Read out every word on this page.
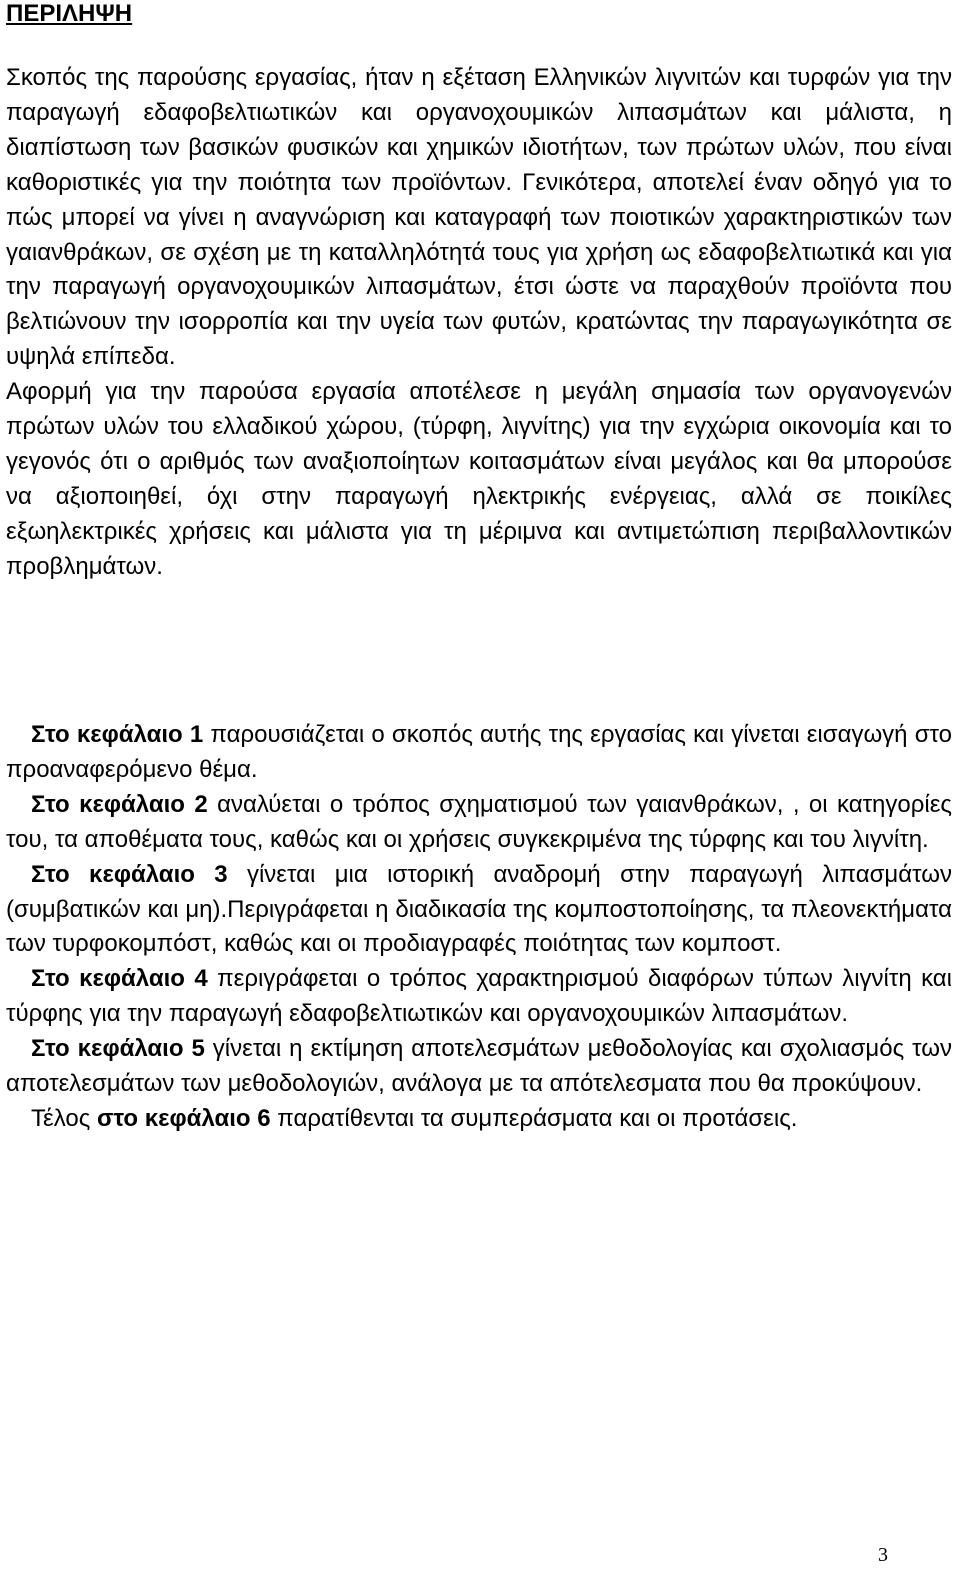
ΠΕΡΙΛΗΨΗ

Σκοπός της παρούσης εργασίας, ήταν η εξέταση Ελληνικών λιγνιτών και τυρφών για την παραγωγή εδαφοβελτιωτικών και οργανοχουμικών λιπασμάτων και μάλιστα, η διαπίστωση των βασικών φυσικών και χημικών ιδιοτήτων, των πρώτων υλών, που είναι καθοριστικές για την ποιότητα των προϊόντων. Γενικότερα, αποτελεί έναν οδηγό για το πώς μπορεί να γίνει η αναγνώριση και καταγραφή των ποιοτικών χαρακτηριστικών των γαιανθράκων, σε σχέση με τη καταλληλότητά τους για χρήση ως εδαφοβελτιωτικά και για την παραγωγή οργανοχουμικών λιπασμάτων, έτσι ώστε να παραχθούν προϊόντα που βελτιώνουν την ισορροπία και την υγεία των φυτών, κρατώντας την παραγωγικότητα σε υψηλά επίπεδα.

Αφορμή για την παρούσα εργασία αποτέλεσε η μεγάλη σημασία των οργανογενών πρώτων υλών του ελλαδικού χώρου, (τύρφη, λιγνίτης) για την εγχώρια οικονομία και το γεγονός ότι ο αριθμός των αναξιοποίητων κοιτασμάτων είναι μεγάλος και θα μπορούσε να αξιοποιηθεί, όχι στην παραγωγή ηλεκτρικής ενέργειας, αλλά σε ποικίλες εξωηλεκτρικές χρήσεις και μάλιστα για τη μέριμνα και αντιμετώπιση περιβαλλοντικών προβλημάτων.

Στο κεφάλαιο 1 παρουσιάζεται ο σκοπός αυτής της εργασίας και γίνεται εισαγωγή στο προαναφερόμενο θέμα.

Στο κεφάλαιο 2 αναλύεται ο τρόπος σχηματισμού των γαιανθράκων, , οι κατηγορίες του, τα αποθέματα τους, καθώς και οι χρήσεις συγκεκριμένα της τύρφης και του λιγνίτη.

Στο κεφάλαιο 3 γίνεται μια ιστορική αναδρομή στην παραγωγή λιπασμάτων (συμβατικών και μη).Περιγράφεται η διαδικασία της κομποστοποίησης, τα πλεονεκτήματα των τυρφοκομπόστ, καθώς και οι προδιαγραφές ποιότητας των κομπoστ.

Στο κεφάλαιο 4 περιγράφεται ο τρόπος χαρακτηρισμού διαφόρων τύπων λιγνίτη και τύρφης για την παραγωγή εδαφοβελτιωτικών και οργανοχουμικών λιπασμάτων.

Στο κεφάλαιο 5 γίνεται η εκτίμηση αποτελεσμάτων μεθοδολογίας και σχολιασμός των αποτελεσμάτων των μεθοδολογιών, ανάλογα με τα απότελεσματα που θα προκύψουν.

Τέλος στο κεφάλαιο 6 παρατίθενται τα συμπεράσματα και οι προτάσεις.

3
